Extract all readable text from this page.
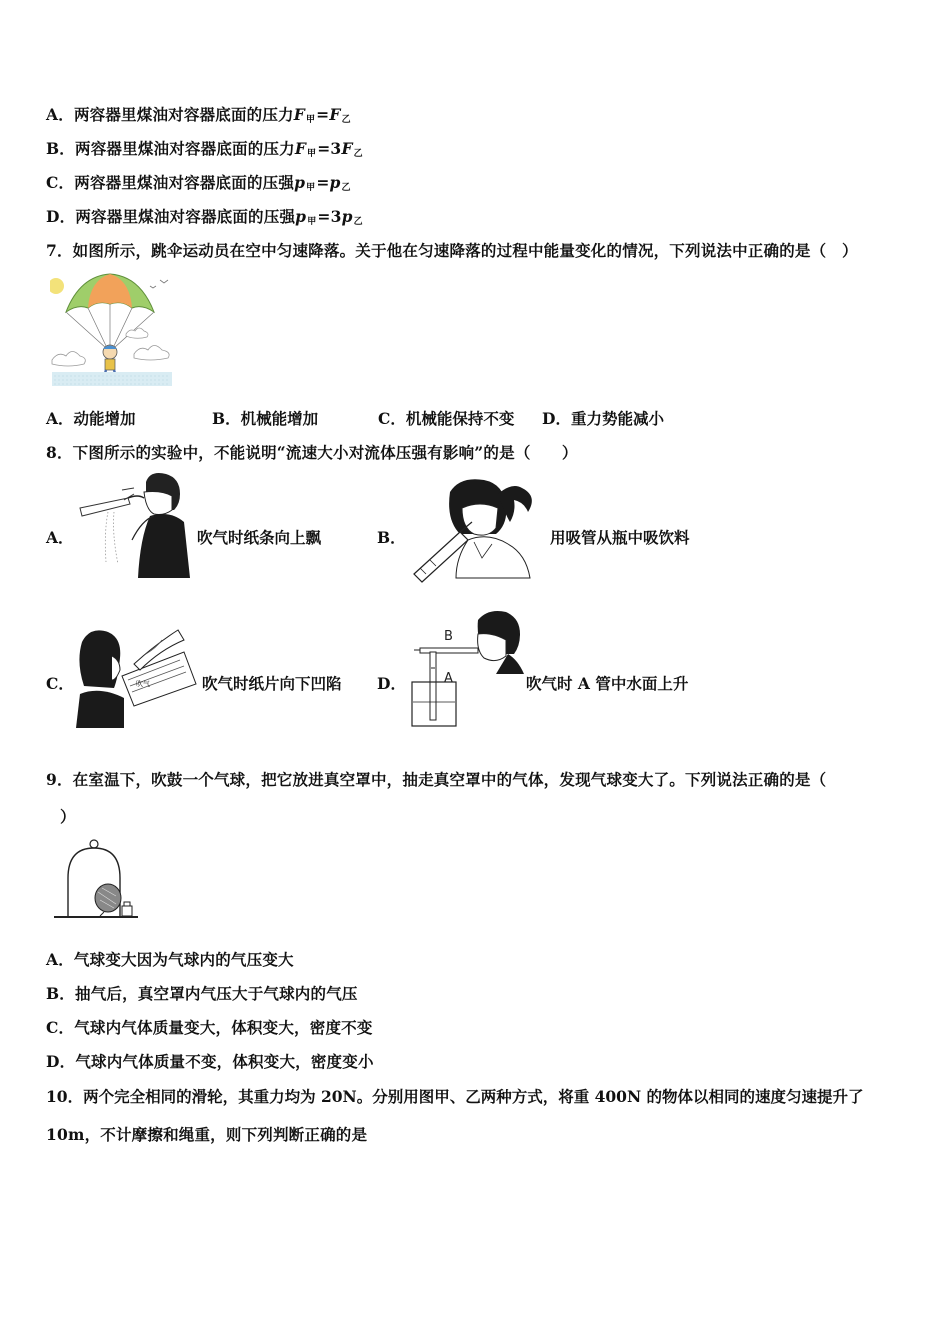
A．两容器里煤油对容器底面的压力$F_甲=F_乙$
B．两容器里煤油对容器底面的压力$F_甲=3F_乙$
C．两容器里煤油对容器底面的压强$p_甲=p_乙$
D．两容器里煤油对容器底面的压强$p_甲=3p_乙$
7．如图所示，跳伞运动员在空中匀速降落。关于他在匀速降落的过程中能量变化的情况，下列说法中正确的是（　）
A．动能增加	B．机械能增加	C．机械能保持不变 D．重力势能减小
8．下图所示的实验中，不能说明“流速大小对流体压强有影响”的是（　　）
A．	吹气时纸条向上飘	B．	用吸管从瓶中吸饮料
C．	吹气	吹气时纸片向下凹陷 D．	A
B
吹气时 A 管中水面上升
9．在室温下，吹鼓一个气球，把它放进真空罩中，抽走真空罩中的气体，发现气球变大了。下列说法正确的是（
）
A．气球变大因为气球内的气压变大
B．抽气后，真空罩内气压大于气球内的气压
C．气球内气体质量变大，体积变大，密度不变
D．气球内气体质量不变，体积变大，密度变小
10．两个完全相同的滑轮，其重力均为 20N。分别用图甲、乙两种方式，将重 400N 的物体以相同的速度匀速提升了
10m，不计摩擦和绳重，则下列判断正确的是
